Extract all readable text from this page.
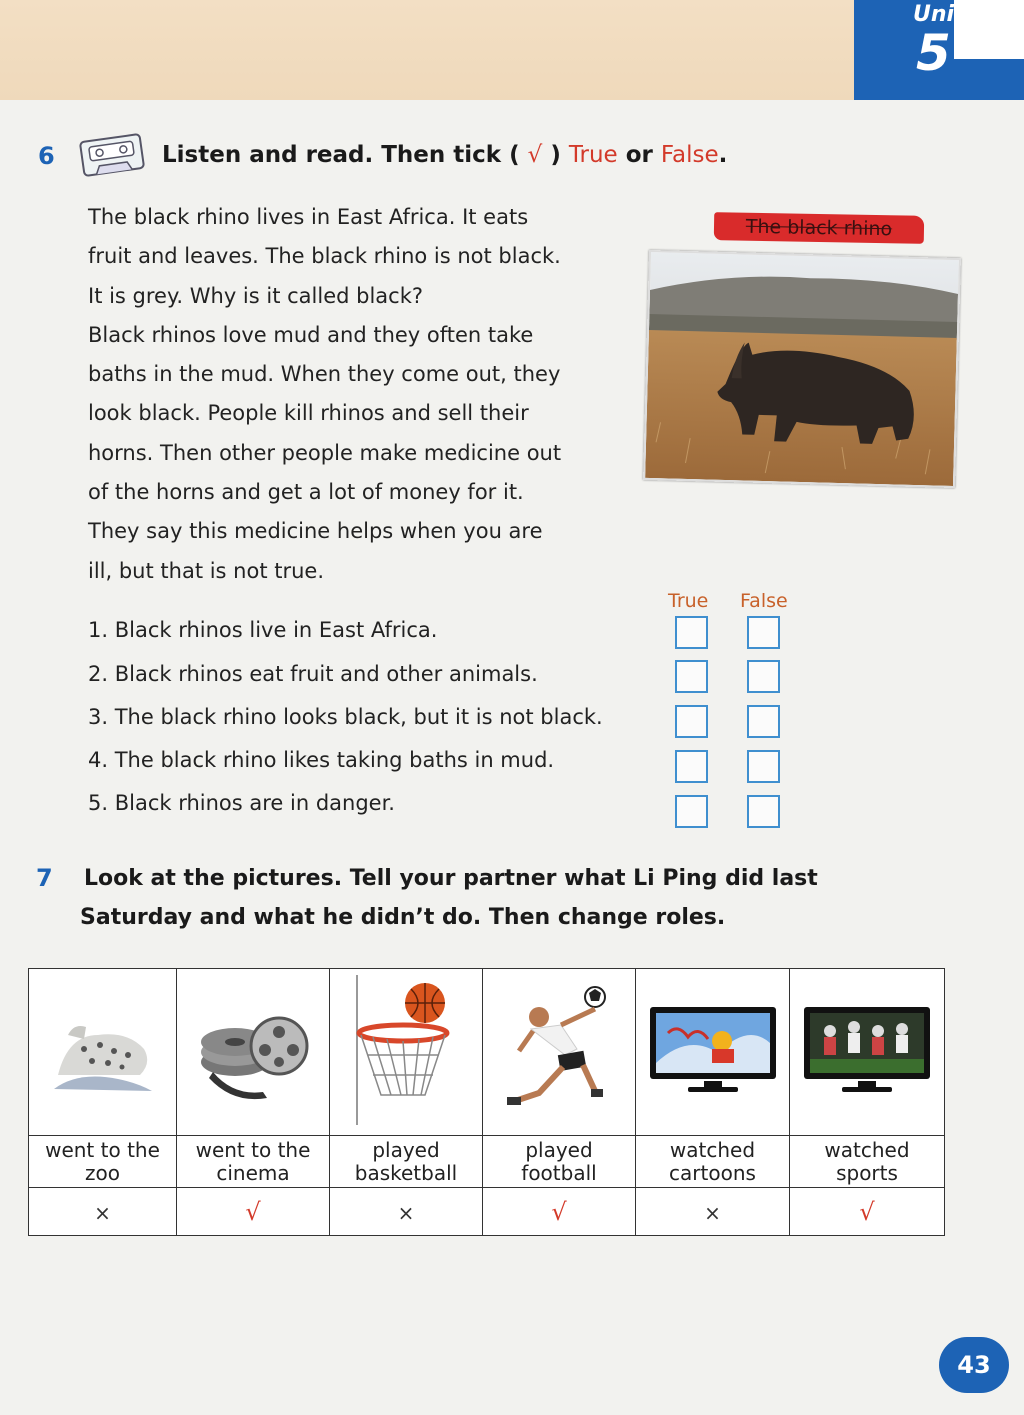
Uni
5
6	Listen and read. Then tick ( √ ) True or False.
The black rhino lives in East Africa. It eats
fruit and leaves. The black rhino is not black.
It is grey. Why is it called black?
Black rhinos love mud and they often take
baths in the mud. When they come out, they
look black. People kill rhinos and sell their
horns. Then other people make medicine out
of the horns and get a lot of money for it.
They say this medicine helps when you are
ill, but that is not true.
The black rhino
True False
1. Black rhinos live in East Africa.
2. Black rhinos eat fruit and other animals.
3. The black rhino looks black, but it is not black.
4. The black rhino likes taking baths in mud.
5. Black rhinos are in danger.
7 Look at the pictures. Tell your partner what Li Ping did last
Saturday and what he didn’t do. Then change roles.

went to the
zoo	went to the
cinema	played
basketball	played
football	watched
cartoons	watched
sports
×	√	×	√	×	√
43
